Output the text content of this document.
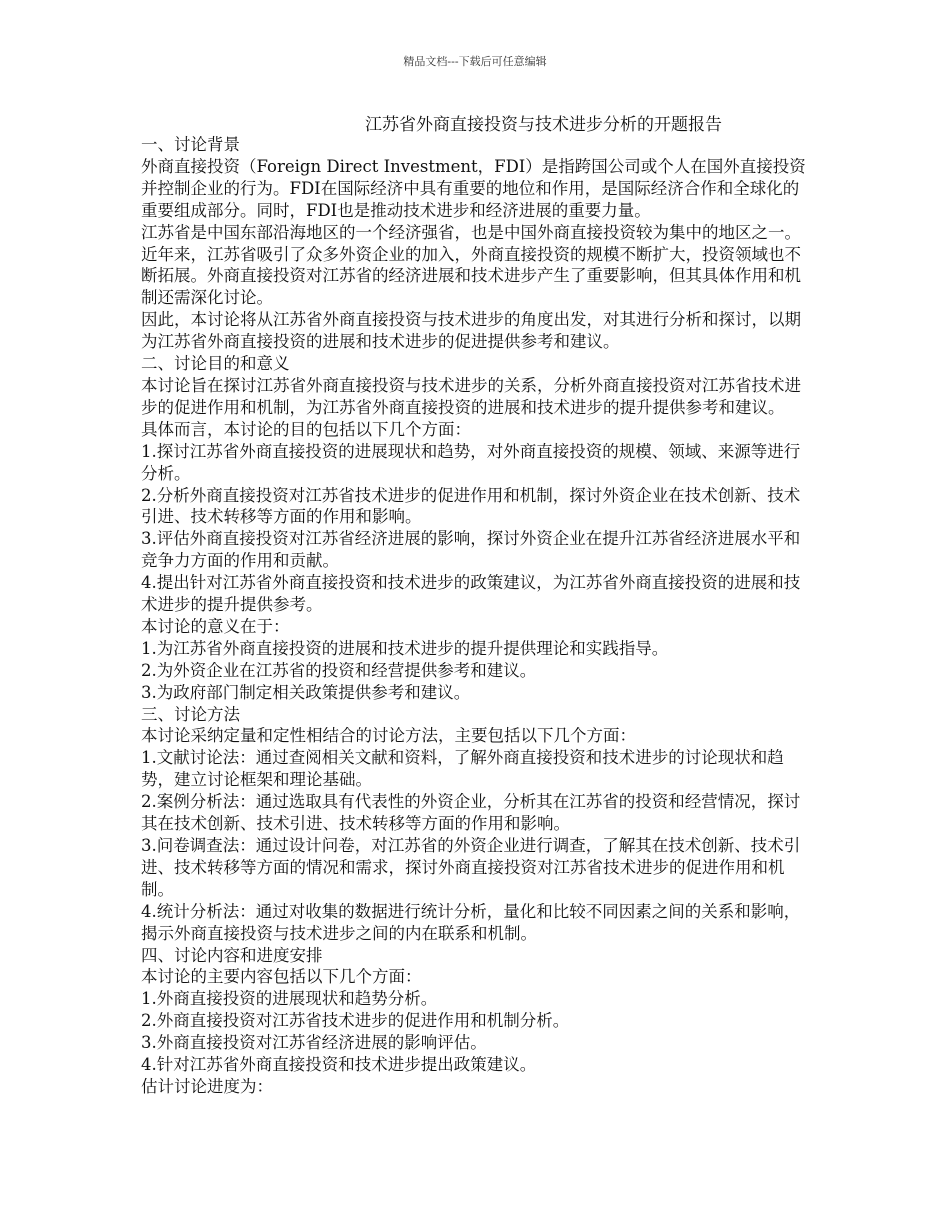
精品文档---下载后可任意编辑
江苏省外商直接投资与技术进步分析的开题报告

一、讨论背景

外商直接投资（Foreign Direct Investment，FDI）是指跨国公司或个人在国外直接投资并控制企业的行为。FDI在国际经济中具有重要的地位和作用，是国际经济合作和全球化的重要组成部分。同时，FDI也是推动技术进步和经济进展的重要力量。

江苏省是中国东部沿海地区的一个经济强省，也是中国外商直接投资较为集中的地区之一。近年来，江苏省吸引了众多外资企业的加入，外商直接投资的规模不断扩大，投资领域也不断拓展。外商直接投资对江苏省的经济进展和技术进步产生了重要影响，但其具体作用和机制还需深化讨论。

因此，本讨论将从江苏省外商直接投资与技术进步的角度出发，对其进行分析和探讨，以期为江苏省外商直接投资的进展和技术进步的促进提供参考和建议。

二、讨论目的和意义

本讨论旨在探讨江苏省外商直接投资与技术进步的关系，分析外商直接投资对江苏省技术进步的促进作用和机制，为江苏省外商直接投资的进展和技术进步的提升提供参考和建议。

具体而言，本讨论的目的包括以下几个方面：

1.探讨江苏省外商直接投资的进展现状和趋势，对外商直接投资的规模、领域、来源等进行分析。

2.分析外商直接投资对江苏省技术进步的促进作用和机制，探讨外资企业在技术创新、技术引进、技术转移等方面的作用和影响。

3.评估外商直接投资对江苏省经济进展的影响，探讨外资企业在提升江苏省经济进展水平和竞争力方面的作用和贡献。

4.提出针对江苏省外商直接投资和技术进步的政策建议，为江苏省外商直接投资的进展和技术进步的提升提供参考。

本讨论的意义在于：

1.为江苏省外商直接投资的进展和技术进步的提升提供理论和实践指导。

2.为外资企业在江苏省的投资和经营提供参考和建议。

3.为政府部门制定相关政策提供参考和建议。

三、讨论方法

本讨论采纳定量和定性相结合的讨论方法，主要包括以下几个方面：

1.文献讨论法：通过查阅相关文献和资料，了解外商直接投资和技术进步的讨论现状和趋势，建立讨论框架和理论基础。

2.案例分析法：通过选取具有代表性的外资企业，分析其在江苏省的投资和经营情况，探讨其在技术创新、技术引进、技术转移等方面的作用和影响。

3.问卷调查法：通过设计问卷，对江苏省的外资企业进行调查，了解其在技术创新、技术引进、技术转移等方面的情况和需求，探讨外商直接投资对江苏省技术进步的促进作用和机制。

4.统计分析法：通过对收集的数据进行统计分析，量化和比较不同因素之间的关系和影响，揭示外商直接投资与技术进步之间的内在联系和机制。

四、讨论内容和进度安排

本讨论的主要内容包括以下几个方面：

1.外商直接投资的进展现状和趋势分析。

2.外商直接投资对江苏省技术进步的促进作用和机制分析。

3.外商直接投资对江苏省经济进展的影响评估。

4.针对江苏省外商直接投资和技术进步提出政策建议。

估计讨论进度为：
